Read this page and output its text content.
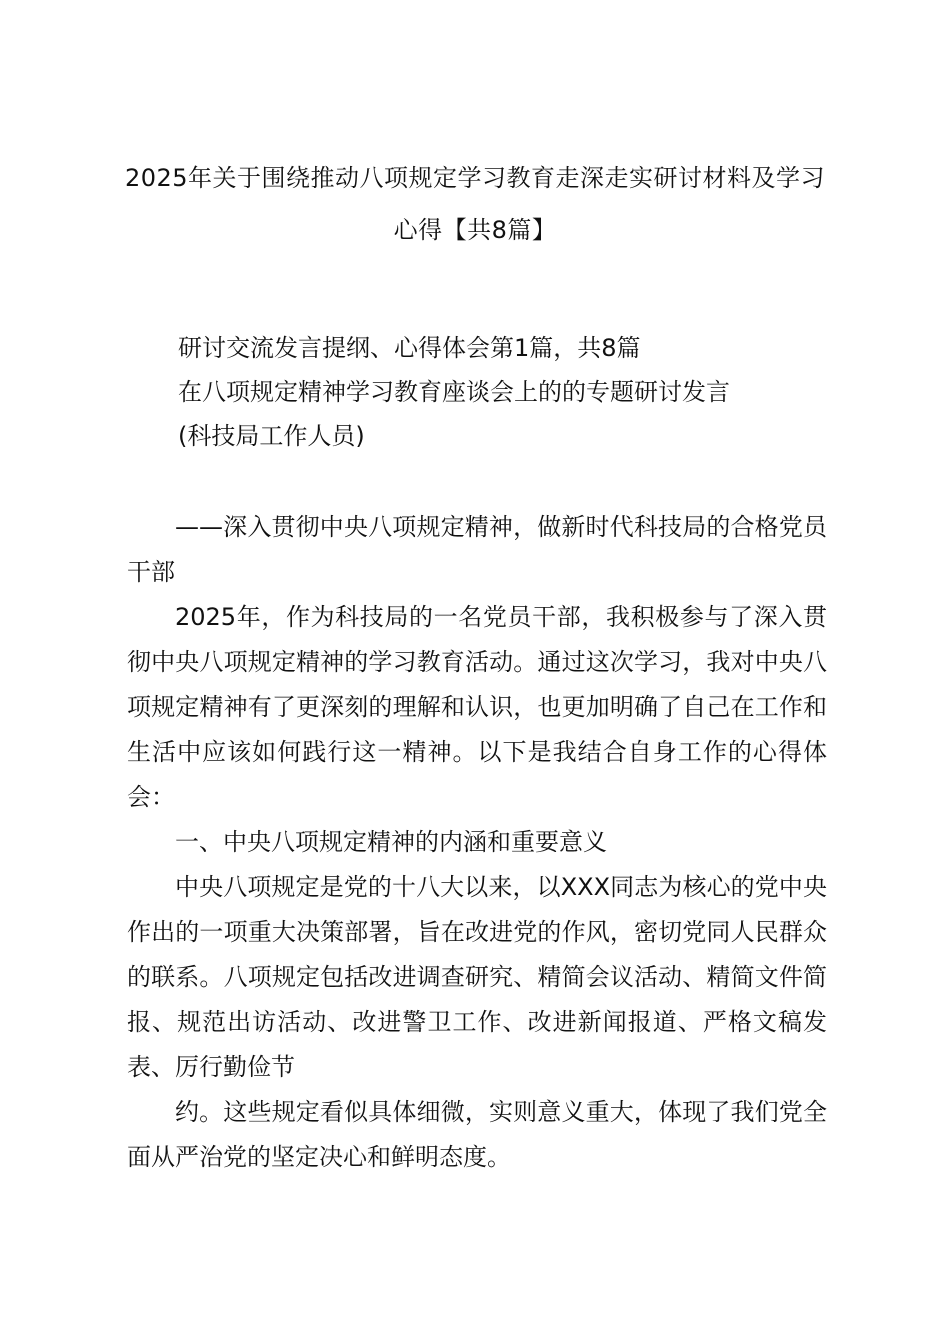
2025年关于围绕推动八项规定学习教育走深走实研讨材料及学习心得【共8篇】
研讨交流发言提纲、心得体会第1篇，共8篇
在八项规定精神学习教育座谈会上的的专题研讨发言
(科技局工作人员)

——深入贯彻中央八项规定精神，做新时代科技局的合格党员干部

2025年，作为科技局的一名党员干部，我积极参与了深入贯彻中央八项规定精神的学习教育活动。通过这次学习，我对中央八项规定精神有了更深刻的理解和认识，也更加明确了自己在工作和生活中应该如何践行这一精神。以下是我结合自身工作的心得体会：

一、中央八项规定精神的内涵和重要意义

中央八项规定是党的十八大以来，以XXX同志为核心的党中央作出的一项重大决策部署，旨在改进党的作风，密切党同人民群众的联系。八项规定包括改进调查研究、精简会议活动、精简文件简报、规范出访活动、改进警卫工作、改进新闻报道、严格文稿发表、厉行勤俭节

约。这些规定看似具体细微，实则意义重大，体现了我们党全面从严治党的坚定决心和鲜明态度。
